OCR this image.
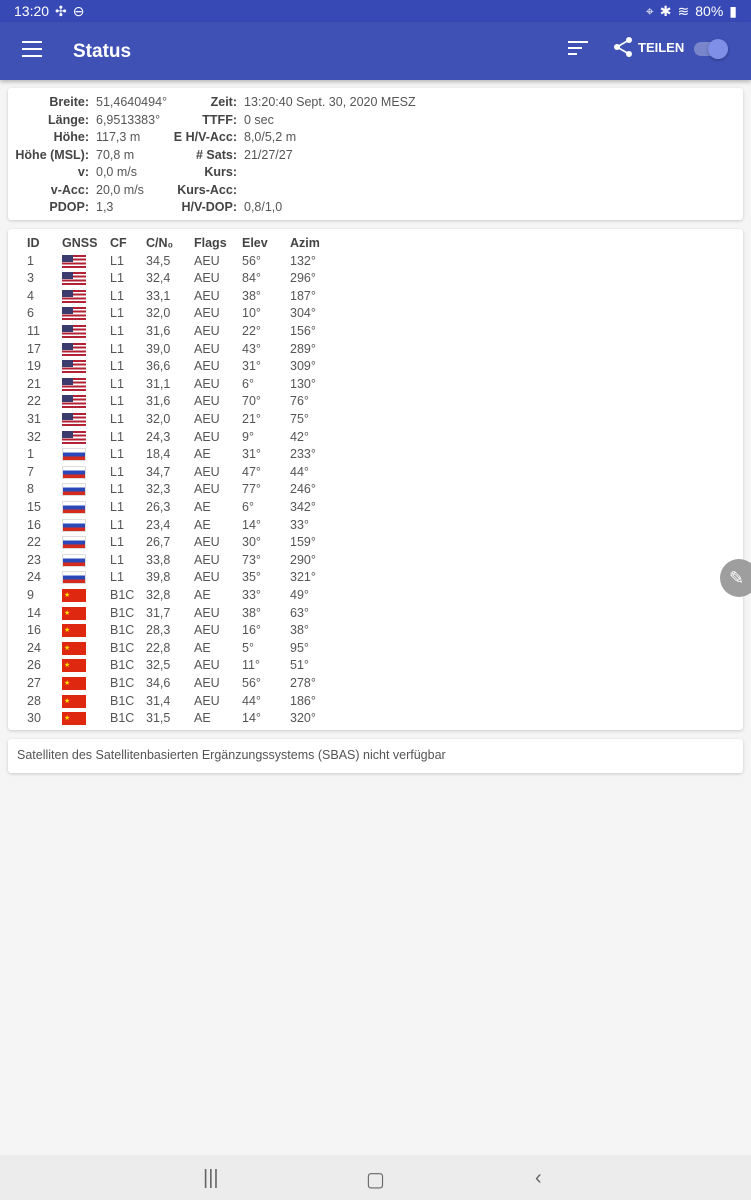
13:20 ✣ ⊖	⌖ ✱ ≋ 80% ▮
Status	TEILEN
Breite: 51,4640494°
Länge: 6,9513383°
Höhe: 117,3 m
Höhe (MSL): 70,8 m
v: 0,0 m/s
v-Acc: 20,0 m/s
PDOP: 1,3
Zeit: 13:20:40 Sept. 30, 2020 MESZ
TTFF: 0 sec
E H/V-Acc: 8,0/5,2 m
# Sats: 21/27/27
Kurs:
Kurs-Acc:
H/V-DOP: 0,8/1,0
ID GNSS CF C/N₀ Flags Elev Azim
1	L1 34,5 AEU 56° 132°
3	L1 32,4 AEU 84° 296°
4	L1 33,1 AEU 38° 187°
6	L1 32,0 AEU 10° 304°
11	L1 31,6 AEU 22° 156°
17	L1 39,0 AEU 43° 289°
19	L1 36,6 AEU 31° 309°
21	L1 31,1 AEU 6°	130°
22	L1 31,6 AEU 70° 76°
31	L1 32,0 AEU 21° 75°
32	L1 24,3 AEU 9°	42°
1	L1 18,4 AE	31° 233°
7	L1 34,7 AEU 47° 44°
8	L1 32,3 AEU 77° 246°
15	L1 26,3 AE	6°	342°
16	L1 23,4 AE	14° 33°
22	L1 26,7 AEU 30° 159°
23	L1 33,8 AEU 73° 290°
24	L1 39,8 AEU 35° 321°
9	B1C 32,8 AE	33° 49°
★
14	B1C 31,7 AEU 38° 63°
★
16	B1C 28,3 AEU 16° 38°
★
24	B1C 22,8 AE	5°	95°
★
26	B1C 32,5 AEU 11° 51°
★
27	B1C 34,6 AEU 56° 278°
★
28	B1C 31,4 AEU 44° 186°
★
30	B1C 31,5 AE	14° 320°
★
Satelliten des Satellitenbasierten Ergänzungssystems (SBAS) nicht verfügbar
✎
|||	▢	‹
